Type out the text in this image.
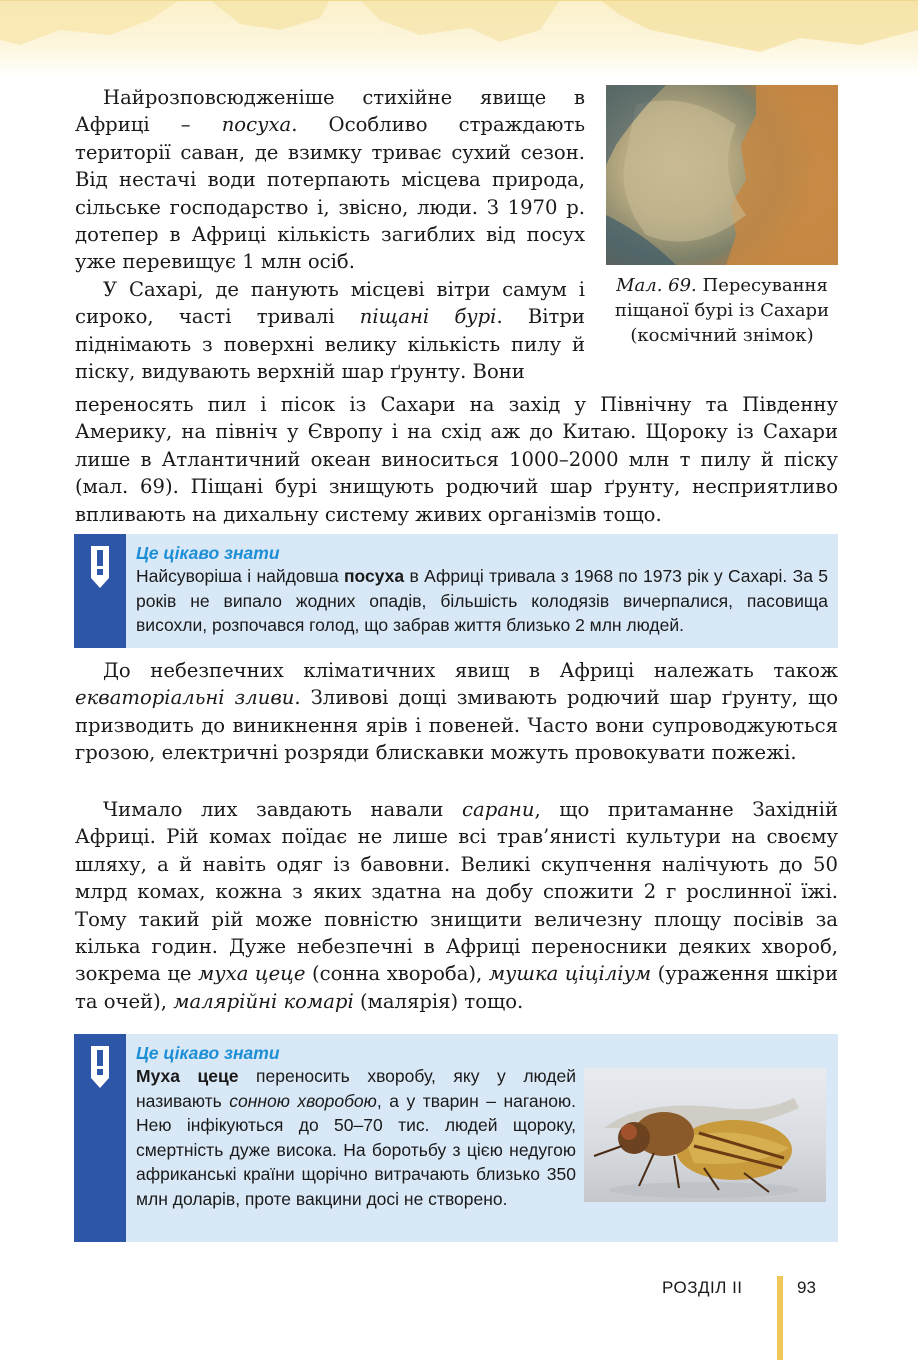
Найрозповсюдженіше стихійне явище в Африці – посуха. Особливо страждають території саван, де взимку триває сухий сезон. Від нестачі води потерпають місцева природа, сільське господарство і, звісно, люди. З 1970 р. дотепер в Африці кількість загиблих від посух уже перевищує 1 млн осіб.

У Сахарі, де панують місцеві вітри самум і сироко, часті тривалі піщані бурі. Вітри піднімають з поверхні велику кількість пилу й піску, видувають верхній шар ґрунту. Вони

переносять пил і пісок із Сахари на захід у Північну та Південну Америку, на північ у Європу і на схід аж до Китаю. Щороку із Сахари лише в Атлантичний океан виноситься 1000–2000 млн т пилу й піску (мал. 69). Піщані бурі знищують родючий шар ґрунту, несприятливо впливають на дихальну систему живих організмів тощо.

Мал. 69. Пересування піщаної бурі із Сахари (космічний знімок)
Це цікаво знати

Найсуворіша і найдовша посуха в Африці тривала з 1968 по 1973 рік у Сахарі. За 5 років не випало жодних опадів, більшість колодязів вичерпалися, пасовища висохли, розпочався голод, що забрав життя близько 2 млн людей.

До небезпечних кліматичних явищ в Африці належать також екваторіальні зливи. Зливові дощі змивають родючий шар ґрунту, що призводить до виникнення ярів і повеней. Часто вони супроводжуються грозою, електричні розряди блискавки можуть провокувати пожежі.

Чимало лих завдають навали сарани, що притаманне Західній Африці. Рій комах поїдає не лише всі трав’янисті культури на своєму шляху, а й навіть одяг із бавовни. Великі скупчення налічують до 50 млрд комах, кожна з яких здатна на добу спожити 2 г рослинної їжі. Тому такий рій може повністю знищити величезну площу посівів за кілька годин. Дуже небезпечні в Африці переносники деяких хвороб, зокрема це муха цеце (сонна хвороба), мушка ціціліум (ураження шкіри та очей), малярійні комарі (малярія) тощо.

Це цікаво знати

Муха цеце переносить хворобу, яку у людей називають сонною хворобою, а у тварин – наганою. Нею інфікуються до 50–70 тис. людей щороку, смертність дуже висока. На боротьбу з цією недугою африканські країни щорічно витрачають близько 350 млн доларів, проте вакцини досі не створено.

РОЗДІЛ II	93
